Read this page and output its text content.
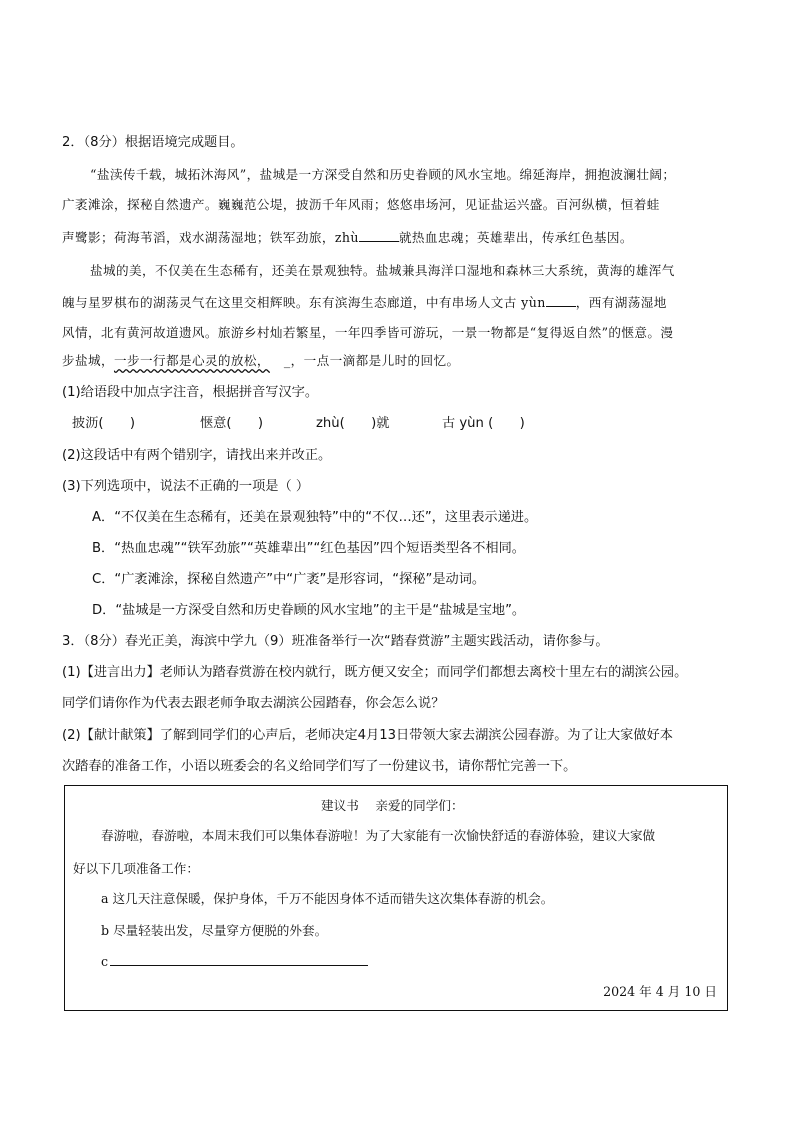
2．（8分）根据语境完成题目。
“盐渎传千载，城拓沐海风”，盐城是一方深受自然和历史眷顾的风水宝地。绵延海岸，拥抱波澜壮阔；
广袤滩涂，探秘自然遗产。巍巍范公堤，披沥千年风雨；悠悠串场河，见证盐运兴盛。百河纵横，恒着蛙
声鹭影；荷海苇滔，戏水湖荡湿地；铁军劲旅，zhù	就热血忠魂；英雄辈出，传承红色基因。
盐城的美，不仅美在生态稀有，还美在景观独特。盐城兼具海洋口湿地和森林三大系统，黄海的雄浑气
魄与星罗棋布的湖荡灵气在这里交相辉映。东有滨海生态廊道，中有串场人文古 yùn ，西有湖荡湿地
风情，北有黄河故道遗风。旅游乡村灿若繁星，一年四季皆可游玩，一景一物都是“复得返自然”的惬意。漫
步盐城，一步一行都是心灵的放松， _，一点一滴都是儿时的回忆。
(1)给语段中加点字注音，根据拼音写汉字。
披沥(　　)	惬意(　　)	zhù(　　)就	古 yùn (　　)
(2)这段话中有两个错别字，请找出来并改正。
(3)下列选项中，说法不正确的一项是（ ）
A．“不仅美在生态稀有，还美在景观独特”中的“不仅…还”，这里表示递进。
B．“热血忠魂”“铁军劲旅”“英雄辈出”“红色基因”四个短语类型各不相同。
C．“广袤滩涂，探秘自然遗产”中“广袤”是形容词，“探秘”是动词。
D．“盐城是一方深受自然和历史眷顾的风水宝地”的主干是“盐城是宝地”。
3．（8分）春光正美，海滨中学九（9）班准备举行一次“踏春赏游”主题实践活动，请你参与。
(1)【进言出力】老师认为踏春赏游在校内就行，既方便又安全；而同学们都想去离校十里左右的湖滨公园。
同学们请你作为代表去跟老师争取去湖滨公园踏春，你会怎么说？
(2)【献计献策】了解到同学们的心声后，老师决定4月13日带领大家去湖滨公园春游。为了让大家做好本
次踏春的准备工作，小语以班委会的名义给同学们写了一份建议书，请你帮忙完善一下。
建议书　 亲爱的同学们：
春游啦，春游啦，本周末我们可以集体春游啦！为了大家能有一次愉快舒适的春游体验，建议大家做
好以下几项准备工作：
a 这几天注意保暖，保护身体，千万不能因身体不适而错失这次集体春游的机会。
b 尽量轻装出发，尽量穿方便脱的外套。
c
2024 年 4 月 10 日
